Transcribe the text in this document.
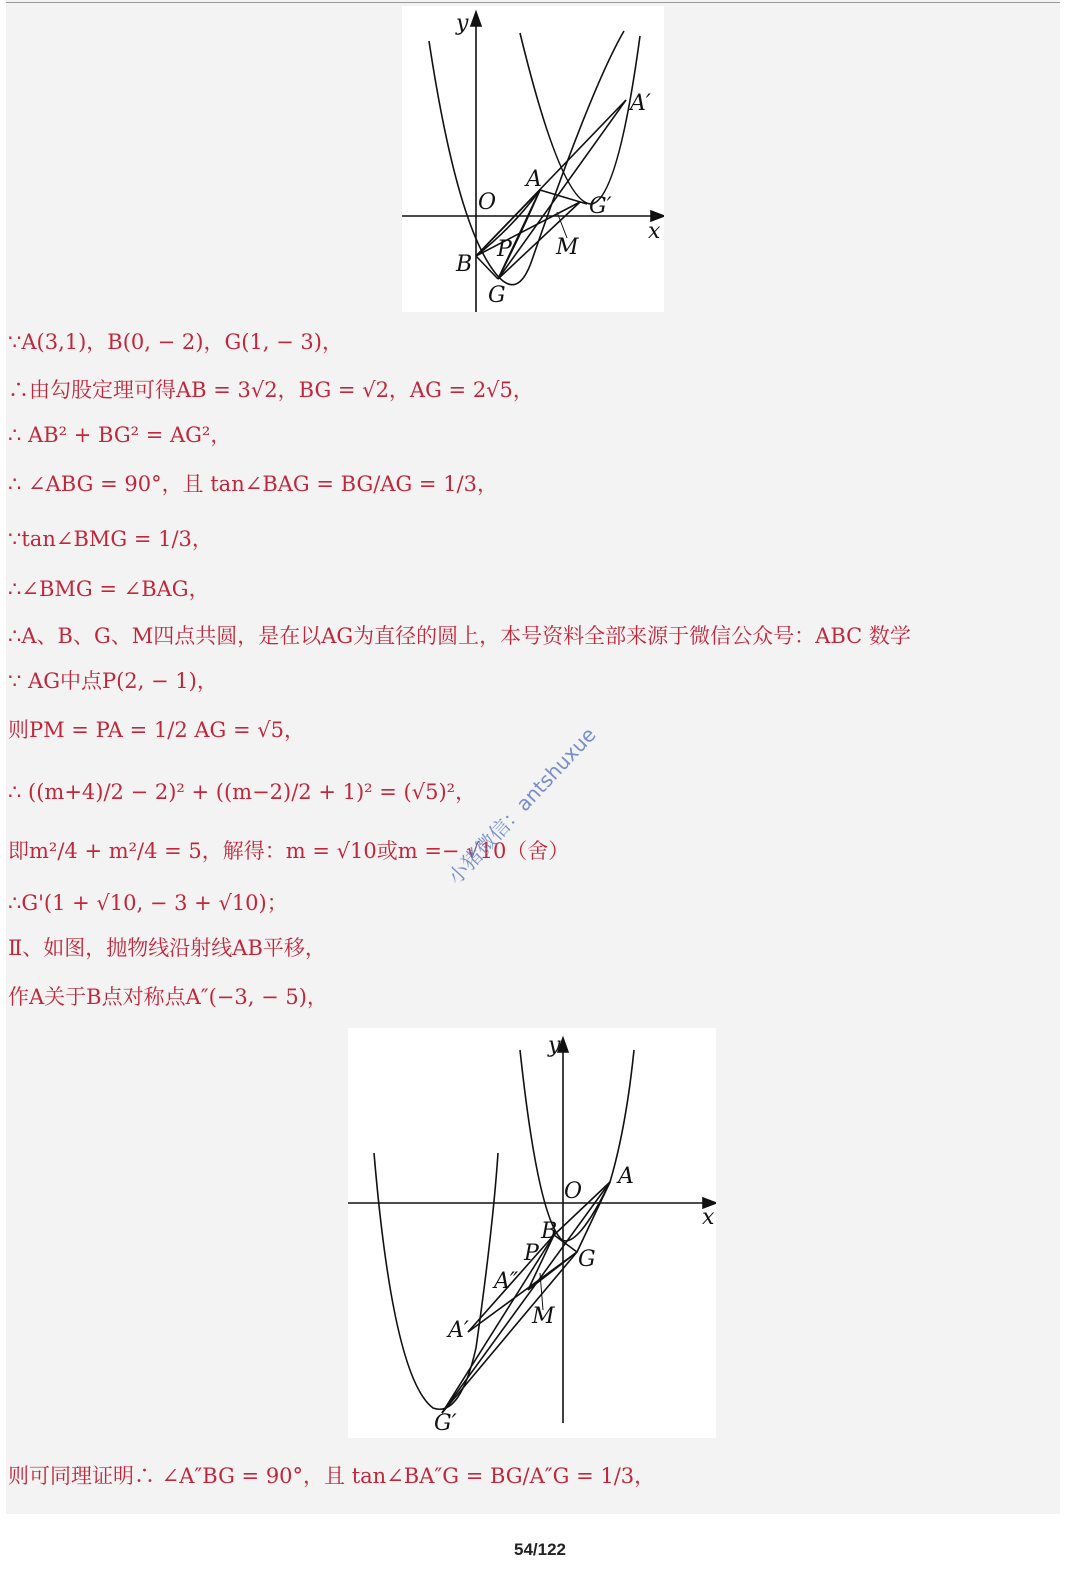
y
x
O
A
A′
G′
B
P M
G
∵A(3,1)，B(0, − 2)，G(1, − 3)，
∴由勾股定理可得AB = 3√2，BG = √2，AG = 2√5，
∴ AB² + BG² = AG²，
∴ ∠ABG = 90°，且 tan∠BAG = BG/AG = 1/3，
∵tan∠BMG = 1/3，
∴∠BMG = ∠BAG，
∴A、B、G、M四点共圆，是在以AG为直径的圆上，本号资料全部来源于微信公众号：ABC 数学
∵ AG中点P(2, − 1)，
则PM = PA = 1/2 AG = √5，
∴ ((m+4)/2 − 2)² + ((m−2)/2 + 1)² = (√5)²，
即m²/4 + m²/4 = 5，解得：m = √10或m =− √10（舍）
∴G'(1 + √10, − 3 + √10)；
Ⅱ、如图，抛物线沿射线AB平移，
作A关于B点对称点A″(−3, − 5)，
y
x
O
A
B
P G
A″
M
A′
G′
则可同理证明∴ ∠A″BG = 90°，且 tan∠BA″G = BG/A″G = 1/3，
小猪微信：antshuxue
54/122
